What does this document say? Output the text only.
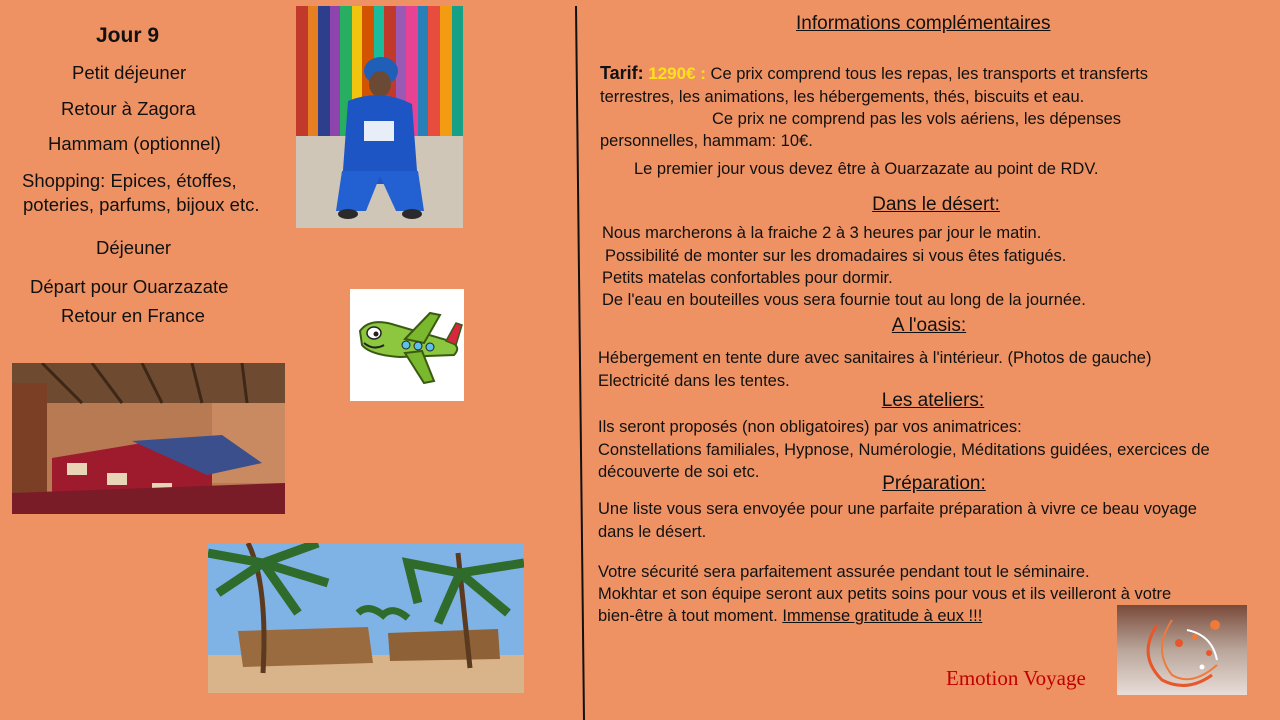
Jour 9
Petit déjeuner
Retour à Zagora
Hammam (optionnel)
Shopping: Epices, étoffes,
poteries, parfums, bijoux etc.
Déjeuner
Départ pour Ouarzazate
Retour en France
Informations complémentaires
Tarif: 1290€ : Ce prix comprend tous les repas, les transports et transferts
terrestres, les animations, les hébergements, thés, biscuits et eau.
Ce prix ne comprend pas les vols aériens, les dépenses
personnelles, hammam: 10€.
Le premier jour vous devez être à Ouarzazate au point de RDV.
Dans le désert:
Nous marcherons à la fraiche 2 à 3 heures par jour le matin.
Possibilité de monter sur les dromadaires si vous êtes fatigués.
Petits matelas confortables pour dormir.
De l'eau en bouteilles vous sera fournie tout au long de la journée.
A l'oasis:
Hébergement en tente dure avec sanitaires à l'intérieur. (Photos de gauche)
Electricité dans les tentes.
Les ateliers:
Ils seront proposés (non obligatoires) par vos animatrices:
Constellations familiales, Hypnose, Numérologie, Méditations guidées, exercices de
découverte de soi etc.
Préparation:
Une liste vous sera envoyée pour une parfaite préparation à vivre ce beau voyage
dans le désert.
Votre sécurité sera parfaitement assurée pendant tout le séminaire.
Mokhtar et son équipe seront aux petits soins pour vous et ils veilleront à votre
bien-être à tout moment. Immense gratitude à eux !!!
Emotion Voyage
